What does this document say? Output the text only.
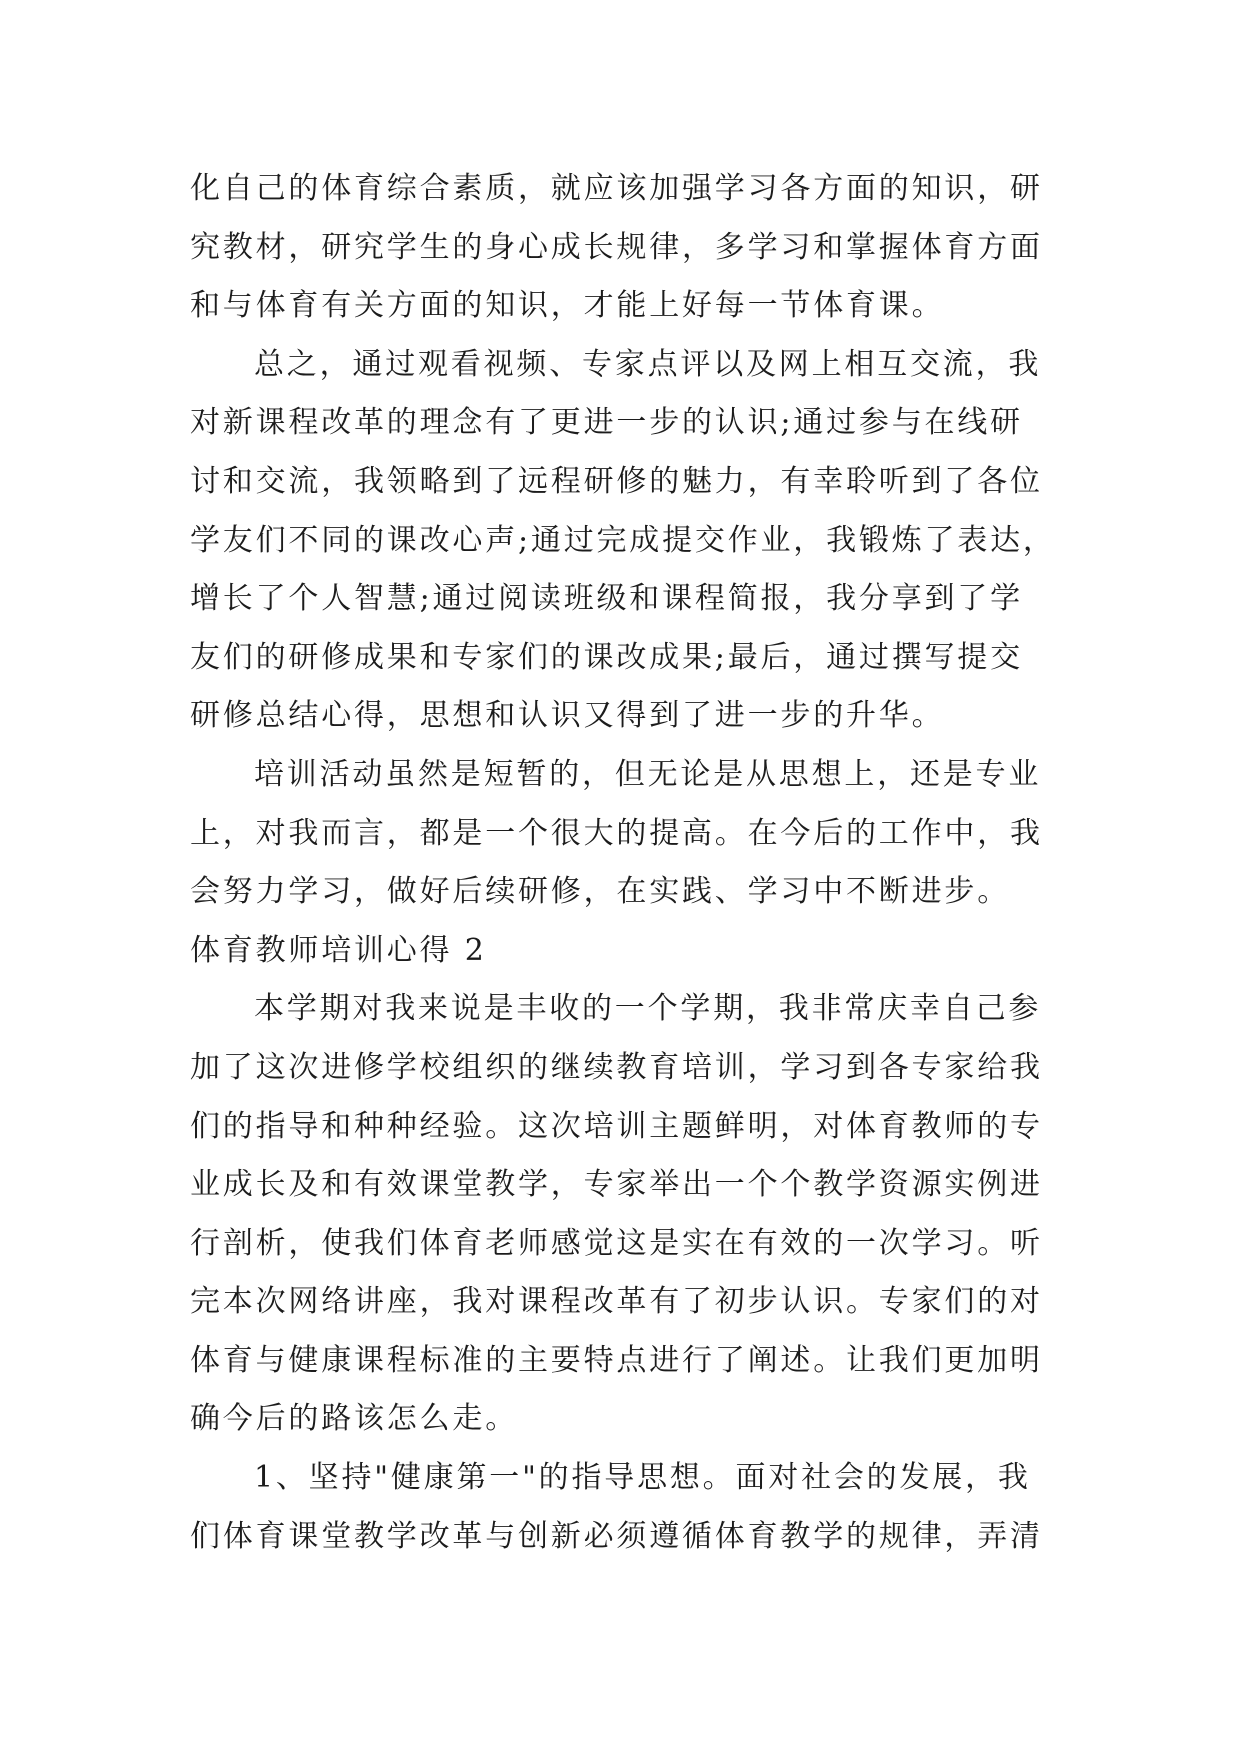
化自己的体育综合素质，就应该加强学习各方面的知识，研
究教材，研究学生的身心成长规律，多学习和掌握体育方面
和与体育有关方面的知识，才能上好每一节体育课。
总之，通过观看视频、专家点评以及网上相互交流，我
对新课程改革的理念有了更进一步的认识;通过参与在线研
讨和交流，我领略到了远程研修的魅力，有幸聆听到了各位
学友们不同的课改心声;通过完成提交作业，我锻炼了表达，
增长了个人智慧;通过阅读班级和课程简报，我分享到了学
友们的研修成果和专家们的课改成果;最后，通过撰写提交
研修总结心得，思想和认识又得到了进一步的升华。
培训活动虽然是短暂的，但无论是从思想上，还是专业
上，对我而言，都是一个很大的提高。在今后的工作中，我
会努力学习，做好后续研修，在实践、学习中不断进步。
体育教师培训心得 2
本学期对我来说是丰收的一个学期，我非常庆幸自己参
加了这次进修学校组织的继续教育培训，学习到各专家给我
们的指导和种种经验。这次培训主题鲜明，对体育教师的专
业成长及和有效课堂教学，专家举出一个个教学资源实例进
行剖析，使我们体育老师感觉这是实在有效的一次学习。听
完本次网络讲座，我对课程改革有了初步认识。专家们的对
体育与健康课程标准的主要特点进行了阐述。让我们更加明
确今后的路该怎么走。
1、坚持"健康第一"的指导思想。面对社会的发展，我
们体育课堂教学改革与创新必须遵循体育教学的规律，弄清
